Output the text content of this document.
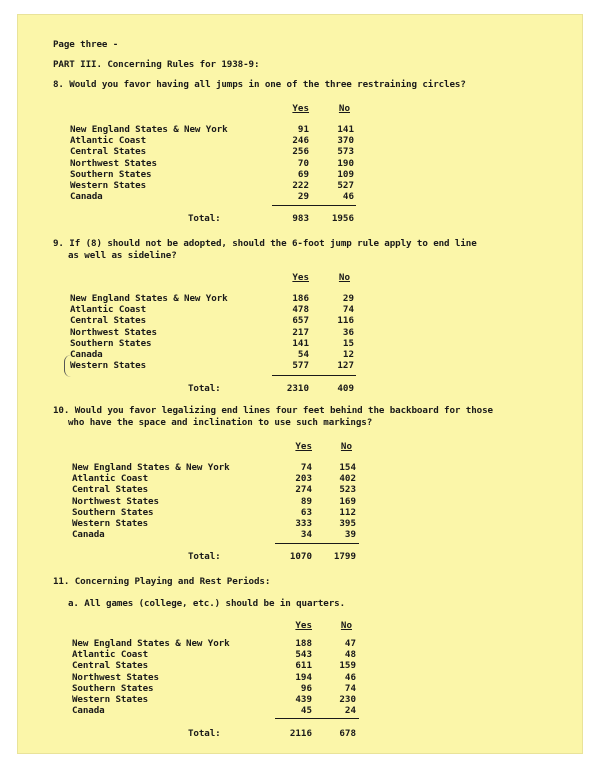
Page three -
PART III. Concerning Rules for 1938-9:
8. Would you favor having all jumps in one of the three restraining circles?
Yes	No
New England States & New York	91	141
Atlantic Coast	246	370
Central States	256	573
Northwest States	70	190
Southern States	69	109
Western States	222	527
Canada	29	46
Total:	983	1956
9. If (8) should not be adopted, should the 6-foot jump rule apply to end line
as well as sideline?
Yes	No
New England States & New York	186	29
Atlantic Coast	478	74
Central States	657	116
Northwest States	217	36
Southern States	141	15
Canada	54	12
Western States	577	127
Total:	2310	409
10. Would you favor legalizing end lines four feet behind the backboard for those
who have the space and inclination to use such markings?
Yes	No
New England States & New York	74	154
Atlantic Coast	203	402
Central States	274	523
Northwest States	89	169
Southern States	63	112
Western States	333	395
Canada	34	39
Total:	1070	1799
11. Concerning Playing and Rest Periods:
a. All games (college, etc.) should be in quarters.
Yes	No
New England States & New York	188	47
Atlantic Coast	543	48
Central States	611	159
Northwest States	194	46
Southern States	96	74
Western States	439	230
Canada	45	24
Total:	2116	678
